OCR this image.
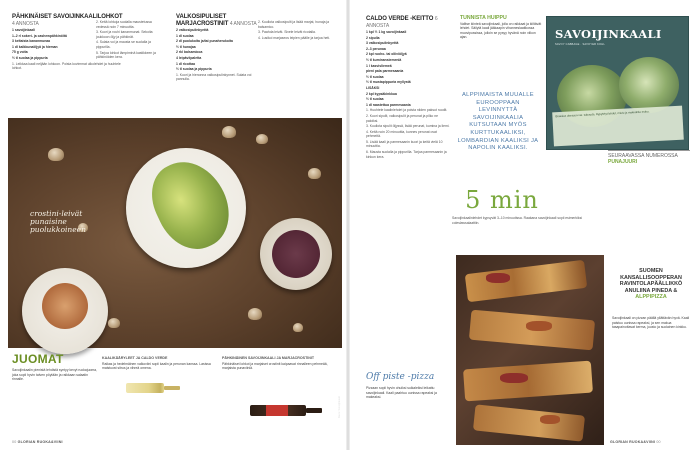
PÄHKINÄISET SAVOIJINKAALILOHKOT 4 ANNOSTA

1 savoijinkaali

1–2 rl sokeri- ja cashewpähkinöitä

3 keltaista kananmunaa

1 dl kalkkunaöljyä ja hieman

75 g voita

½ tl suolaa ja pippuria

1. Leikkaa kaali neljään lohkoon. Poista kovimmat ulkolehdet ja huuhtele lohkot.

2. Keitä lohkoja suolalla maustetussa vedessä noin 7 minuuttia.

3. Kuori ja rouhi kananmunat. Sekoita joukkoon öljy ja pähkinät.

4. Sulata voi ja mausta se suolalla ja pippurilla.

5. Tarjoa lohkot lämpiminä kastikkeen ja pähkinöiden kera.

VALKOSIPULISET MARJACROSTINIT 4 ANNOSTA

2 valkosipulinkynttä

1 dl suolaa

2 dl puolukoita ja/tai punaherukoita

½ tl hunajaa

2 rkl balsamicoa

4 leipäviipaletta

1 dl ricottaa

½ tl suolaa ja pippuria

1. Kuori ja hienonna valkosipulinkynnet. Sulata voi pannulla.

2. Kuullota valkosipulit ja lisää marjat, hunaja ja balsamico.

3. Paahda leivät. Sivele leivät ricotalla.

4. Lusikoi marjaseos leipien päälle ja tarjoa heti.

crostini-leivät punaisine puolukkoineen
Kuva: Savoijinkaali
JUOMAT

Savoijinkaalin pienistä lehdistä syntyy kevyt ruokajuoma, joka sopii hyvin talven pöytään ja raikkaan salaatin rinnalle.

KAALIKÄÄRYLEET JA CALDO VERDE

Raikas ja hedelmäinen valkoviini sopii kaalin ja perunan kanssa. Lasissa maistuvat sitrus ja vihreä omena.

PÄHKINÄINEN SAVOIJINKAALI JA MARJACROSTINIT

Pähkinäiset lohkot ja marjaiset crostinit kaipaavat rinnalleen pehmeää, marjaista punaviiniä.

00 GLORIAN RUOKA&VIINI
CALDO VERDE -KEITTO 6 ANNOSTA

1 kpl ½ 1 kg savoijinkaali

2 sipulia

3 valkosipulinkynttä

2–3 perunaa

2 kpl ruoho- tai oliiviöljyä

½ tl kuminansiemeniä

1 l kasvisliemeä

pieni pala parmesaania

½ tl suolaa

½ tl mustapippuria myllystä

LISÄKSI

2 kpl kypsäkinkkua

½ tl suolaa

1 dl raastettua parmesaania

1. Huuhtele kaalinlehdet ja poista niiden paksut ruodit.

2. Kuori sipulit, valkosipulit ja perunat ja pilko ne paloiksi.

3. Kuullota sipulit öljyssä, lisää perunat, kumina ja liemi.

4. Keitä noin 20 minuuttia, kunnes perunat ovat pehmeitä.

5. Lisää kaali ja parmesaanin kuori ja keitä vielä 10 minuuttia.

6. Mausta suolalla ja pippurilla. Tarjoa parmesaanin ja kinkun kera.

TUNNISTA HUIPPU

Valitse kiinteä savoijinkaali, jolla on raikkaat ja kiiltävät lehdet. Säilytä kaali jääkaapin vihanneslaatikossa muovipussissa, jolloin se pysyy hyvänä noin viikon ajan.

ALPPIMAISTA MUUALLE EUROOPPAAN LEVINNYTTÄ SAVOIJINKAALIA KUTSUTAAN MYÖS KURTTUKAALIKSI, LOMBARDIAN KAALIKSI JA NAPOLIN KAALIKSI.
SAVOIJINKAALI
SAVOY CABBAGE · SAVOYER KOHL
Brassica oleracea var. sabauda. Rypytetyt lehdet, mieto ja makeahko maku.
SEURAAVASSA NUMEROSSA
PUNAJUURI
5 min
Savoijinkaalinlehdet kypsyvät 3–10 minuutissa. Raakana savoijinkaali sopii esimerkiksi coleslawsalaattiin.
Off piste -pizza

Pizzaan sopii hyvin ohuiksi suikaleiksi leikattu savoijinkaali. Kaali paahtuu uunissa rapeaksi ja makeaksi.

SUOMEN KANSALLISOOPPERAN RAVINTOLAPÄÄLLIKKÖ ANULIINA PINEDA & ALPPIPIZZA

Savoijinkaali on pizzan päällä yllättävän hyvä. Kaali paistuu uunissa rapeaksi, ja sen makua tasapainottavat kerma, juusto ja suolainen kinkku.

GLORIAN RUOKA&VIINI 00
